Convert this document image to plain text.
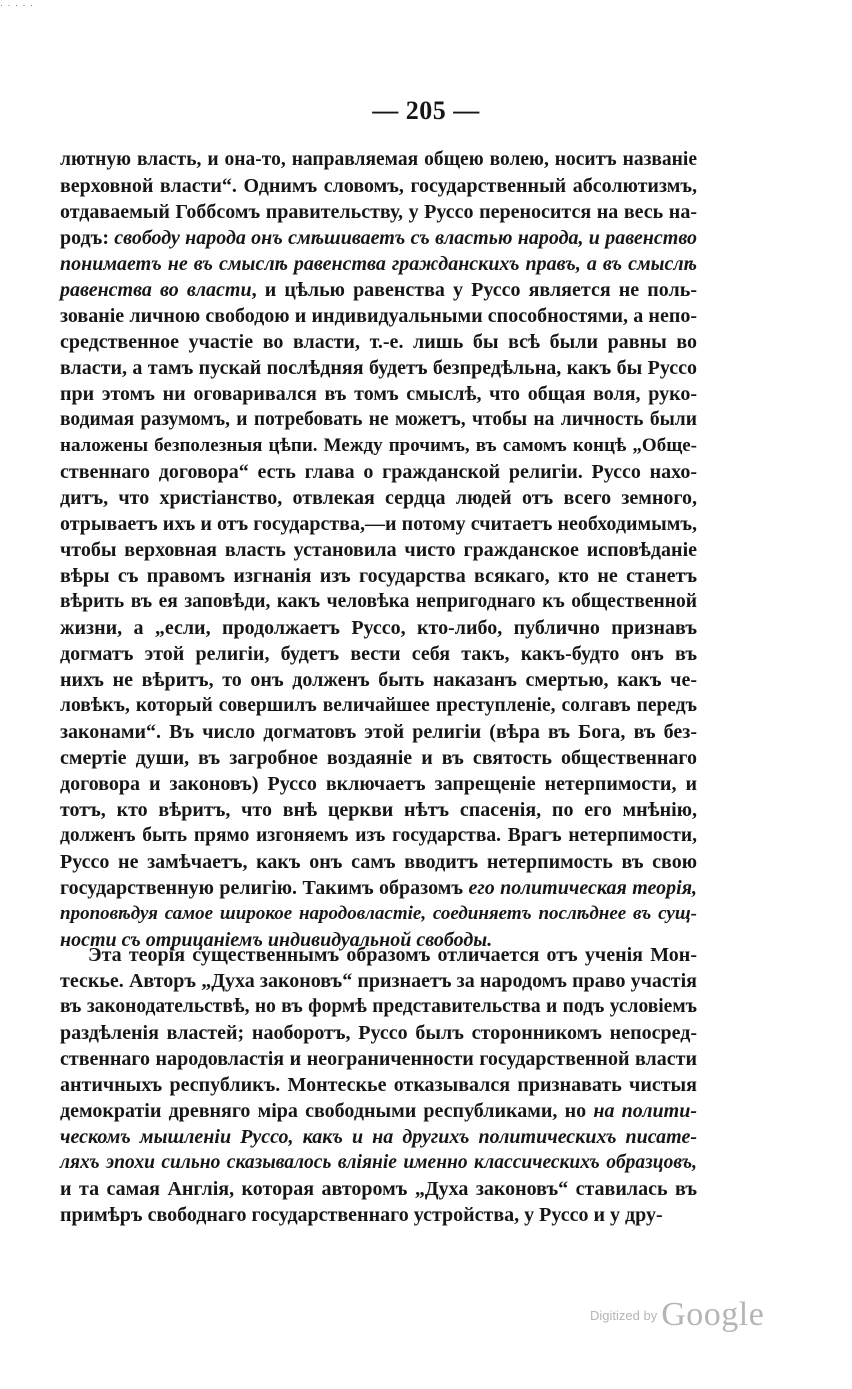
· · · · ·
— 205 —
лютную власть, и она-то, направляемая общею волею, носитъ названіе
верховной власти“. Однимъ словомъ, государственный абсолютизмъ,
отдаваемый Гоббсомъ правительству, у Руссо переносится на весь на-
родъ: свободу народа онъ смѣшиваетъ съ властью народа, и равенство
понимаетъ не въ смыслѣ равенства гражданскихъ правъ, а въ смыслѣ
равенства во власти, и цѣлью равенства у Руссо является не поль-
зованіе личною свободою и индивидуальными способностями, а непо-
средственное участіе во власти, т.-е. лишь бы всѣ были равны во
власти, а тамъ пускай послѣдняя будетъ безпредѣльна, какъ бы Руссо
при этомъ ни оговаривался въ томъ смыслѣ, что общая воля, руко-
водимая разумомъ, и потребовать не можетъ, чтобы на личность были
наложены безполезныя цѣпи. Между прочимъ, въ самомъ концѣ „Обще-
ственнаго договора“ есть глава о гражданской религіи. Руссо нахо-
дитъ, что христіанство, отвлекая сердца людей отъ всего земного,
отрываетъ ихъ и отъ государства,—и потому считаетъ необходимымъ,
чтобы верховная власть установила чисто гражданское исповѣданіе
вѣры съ правомъ изгнанія изъ государства всякаго, кто не станетъ
вѣрить въ ея заповѣди, какъ человѣка непригоднаго къ общественной
жизни, а „если, продолжаетъ Руссо, кто-либо, публично признавъ
догматъ этой религіи, будетъ вести себя такъ, какъ-будто онъ въ
нихъ не вѣритъ, то онъ долженъ быть наказанъ смертью, какъ че-
ловѣкъ, который совершилъ величайшее преступленіе, солгавъ передъ
законами“. Въ число догматовъ этой религіи (вѣра въ Бога, въ без-
смертіе души, въ загробное воздаяніе и въ святость общественнаго
договора и законовъ) Руссо включаетъ запрещеніе нетерпимости, и
тотъ, кто вѣритъ, что внѣ церкви нѣтъ спасенія, по его мнѣнію,
долженъ быть прямо изгоняемъ изъ государства. Врагъ нетерпимости,
Руссо не замѣчаетъ, какъ онъ самъ вводитъ нетерпимость въ свою
государственную религію. Такимъ образомъ его политическая теорія,
проповѣдуя самое широкое народовластіе, соединяетъ послѣднее въ сущ-
ности съ отрицаніемъ индивидуальной свободы.
Эта теорія существеннымъ образомъ отличается отъ ученія Мон-
тескье. Авторъ „Духа законовъ“ признаетъ за народомъ право участія
въ законодательствѣ, но въ формѣ представительства и подъ условіемъ
раздѣленія властей; наоборотъ, Руссо былъ сторонникомъ непосред-
ственнаго народовластія и неограниченности государственной власти
античныхъ республикъ. Монтескье отказывался признавать чистыя
демократіи древняго міра свободными республиками, но на полити-
ческомъ мышленіи Руссо, какъ и на другихъ политическихъ писате-
ляхъ эпохи сильно сказывалось вліяніе именно классическихъ образцовъ,
и та самая Англія, которая авторомъ „Духа законовъ“ ставилась въ
примѣръ свободнаго государственнаго устройства, у Руссо и у дру-
$^{Digitized by}$ Google
